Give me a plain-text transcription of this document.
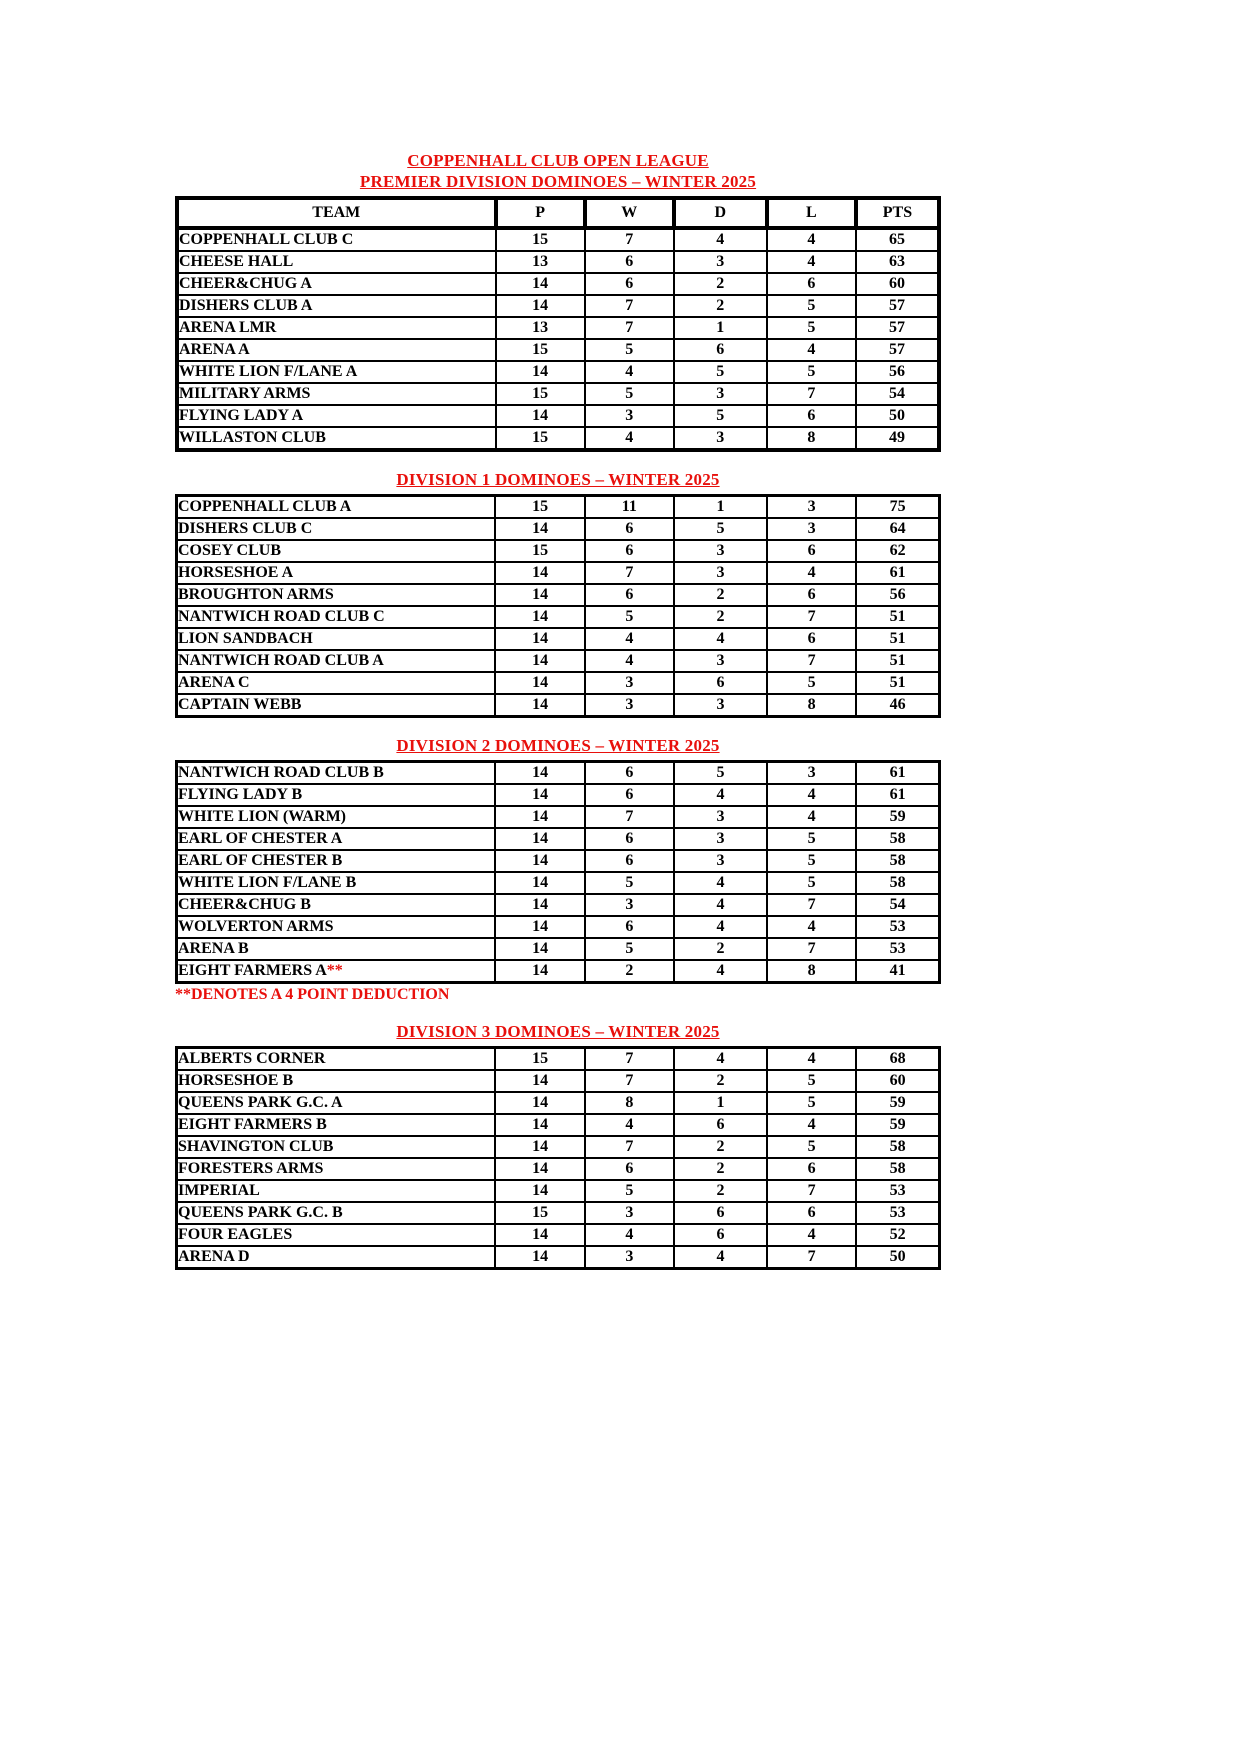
COPPENHALL CLUB OPEN LEAGUE
PREMIER DIVISION DOMINOES – WINTER 2025
TEAM	P	W	D	L	PTS
COPPENHALL CLUB C	15	7	4	4	65
CHEESE HALL	13	6	3	4	63
CHEER&CHUG A	14	6	2	6	60
DISHERS CLUB A	14	7	2	5	57
ARENA LMR	13	7	1	5	57
ARENA A	15	5	6	4	57
WHITE LION F/LANE A	14	4	5	5	56
MILITARY ARMS	15	5	3	7	54
FLYING LADY A	14	3	5	6	50
WILLASTON CLUB	15	4	3	8	49
DIVISION 1 DOMINOES – WINTER 2025
COPPENHALL CLUB A	15	11	1	3	75
DISHERS CLUB C	14	6	5	3	64
COSEY CLUB	15	6	3	6	62
HORSESHOE A	14	7	3	4	61
BROUGHTON ARMS	14	6	2	6	56
NANTWICH ROAD CLUB C	14	5	2	7	51
LION SANDBACH	14	4	4	6	51
NANTWICH ROAD CLUB A	14	4	3	7	51
ARENA C	14	3	6	5	51
CAPTAIN WEBB	14	3	3	8	46
DIVISION 2 DOMINOES – WINTER 2025
NANTWICH ROAD CLUB B	14	6	5	3	61
FLYING LADY B	14	6	4	4	61
WHITE LION (WARM)	14	7	3	4	59
EARL OF CHESTER A	14	6	3	5	58
EARL OF CHESTER B	14	6	3	5	58
WHITE LION F/LANE B	14	5	4	5	58
CHEER&CHUG B	14	3	4	7	54
WOLVERTON ARMS	14	6	4	4	53
ARENA B	14	5	2	7	53
EIGHT FARMERS A**	14	2	4	8	41
**DENOTES A 4 POINT DEDUCTION
DIVISION 3 DOMINOES – WINTER 2025
ALBERTS CORNER	15	7	4	4	68
HORSESHOE B	14	7	2	5	60
QUEENS PARK G.C. A	14	8	1	5	59
EIGHT FARMERS B	14	4	6	4	59
SHAVINGTON CLUB	14	7	2	5	58
FORESTERS ARMS	14	6	2	6	58
IMPERIAL	14	5	2	7	53
QUEENS PARK G.C. B	15	3	6	6	53
FOUR EAGLES	14	4	6	4	52
ARENA D	14	3	4	7	50
